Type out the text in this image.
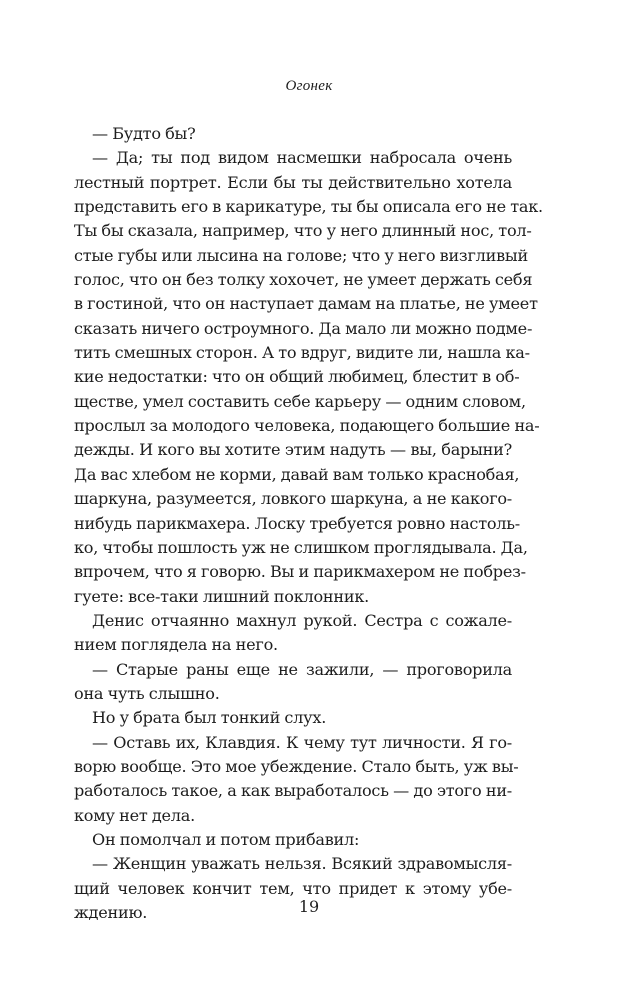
Огонек
— Будто бы?
— Да; ты под видом насмешки набросала очень
лестный портрет. Если бы ты действительно хотела
представить его в карикатуре, ты бы описала его не так.
Ты бы сказала, например, что у него длинный нос, тол-
стые губы или лысина на голове; что у него визгливый
голос, что он без толку хохочет, не умеет держать себя
в гостиной, что он наступает дамам на платье, не умеет
сказать ничего остроумного. Да мало ли можно подме-
тить смешных сторон. А то вдруг, видите ли, нашла ка-
кие недостатки: что он общий любимец, блестит в об-
ществе, умел составить себе карьеру — одним словом,
прослыл за молодого человека, подающего большие на-
дежды. И кого вы хотите этим надуть — вы, барыни?
Да вас хлебом не корми, давай вам только краснобая,
шаркуна, разумеется, ловкого шаркуна, а не какого-
нибудь парикмахера. Лоску требуется ровно настоль-
ко, чтобы пошлость уж не слишком проглядывала. Да,
впрочем, что я говорю. Вы и парикмахером не побрез-
гуете: все-таки лишний поклонник.
Денис отчаянно махнул рукой. Сестра с сожале-
нием поглядела на него.
— Старые раны еще не зажили, — проговорила
она чуть слышно.
Но у брата был тонкий слух.
— Оставь их, Клавдия. К чему тут личности. Я го-
ворю вообще. Это мое убеждение. Стало быть, уж вы-
работалось такое, а как выработалось — до этого ни-
кому нет дела.
Он помолчал и потом прибавил:
— Женщин уважать нельзя. Всякий здравомысля-
щий человек кончит тем, что придет к этому убе-
ждению.	19
